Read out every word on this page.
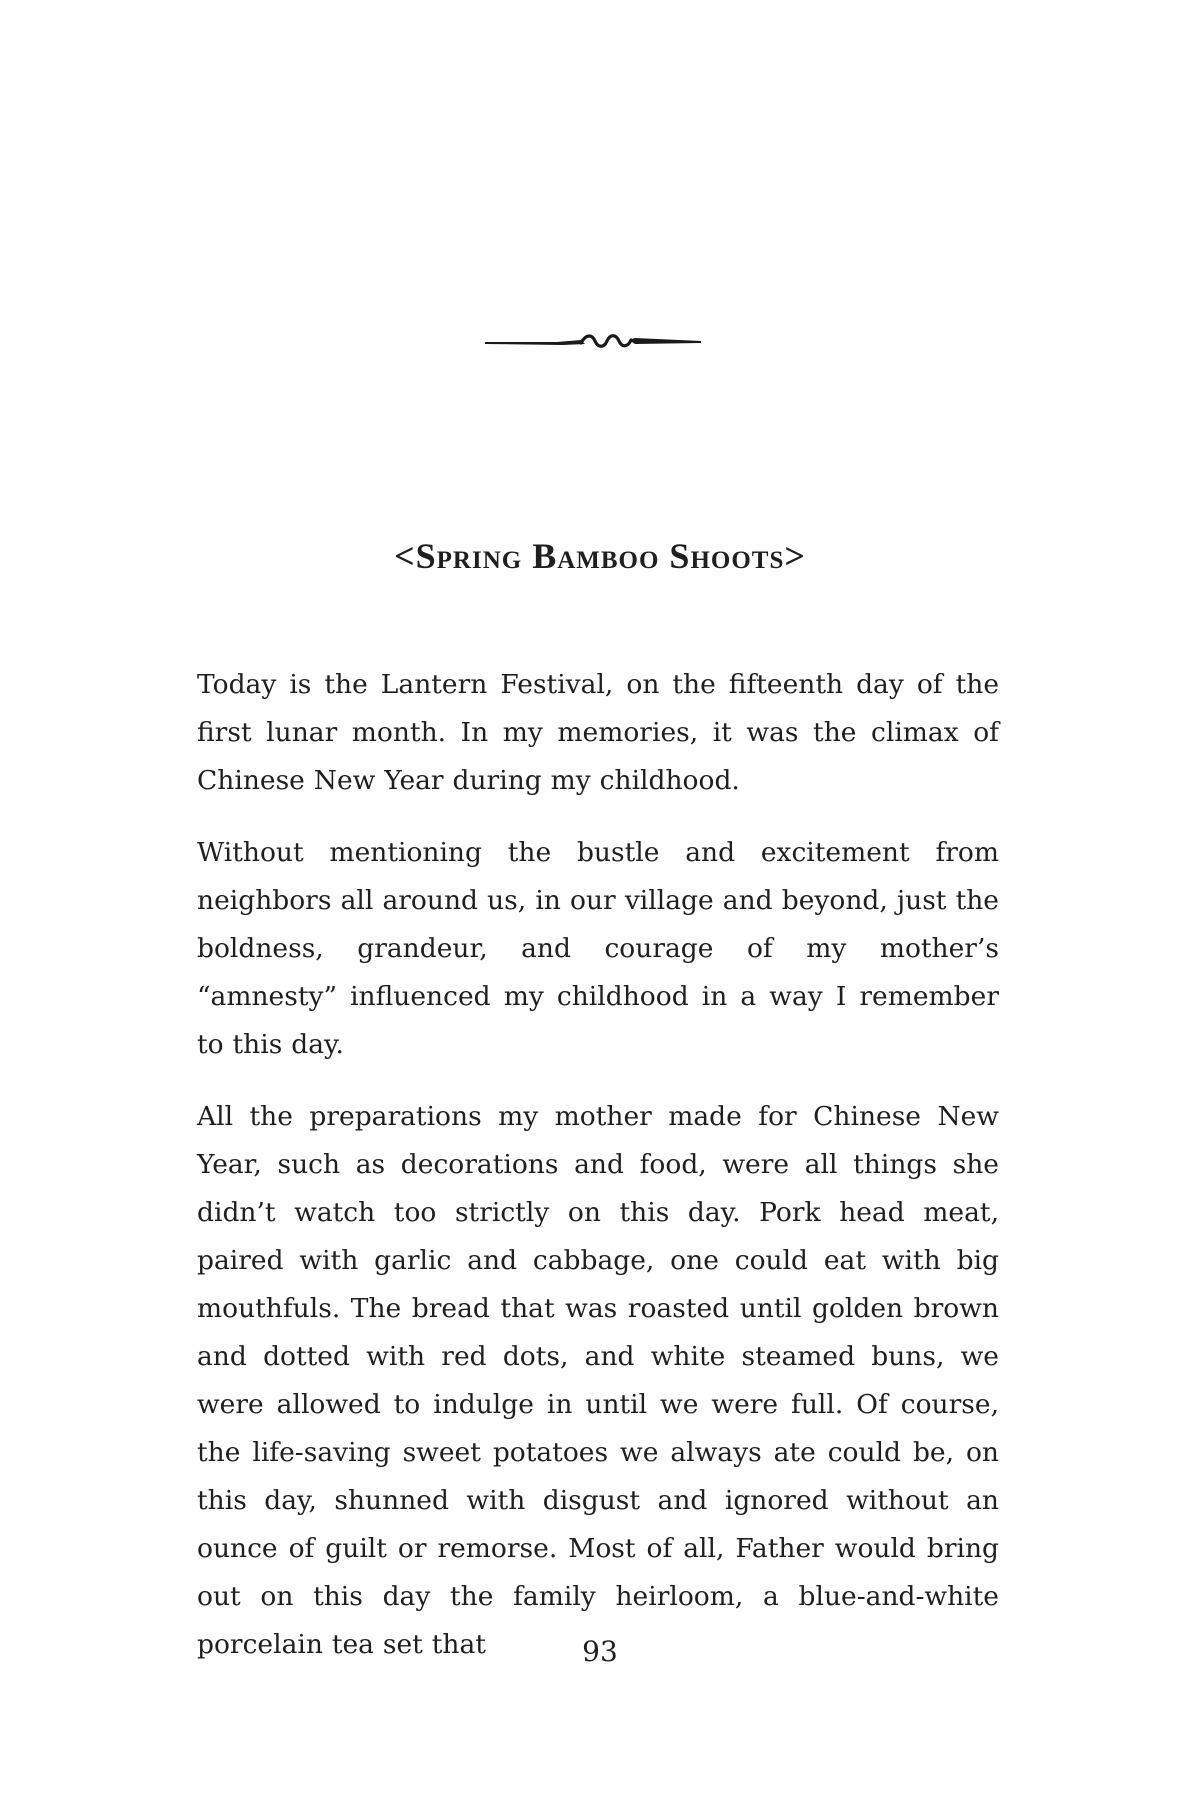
<Spring Bamboo Shoots>

Today is the Lantern Festival, on the fifteenth day of the first lunar month. In my memories, it was the climax of Chinese New Year during my childhood.

Without mentioning the bustle and excitement from neighbors all around us, in our village and beyond, just the boldness, grandeur, and courage of my mother’s “amnesty” influenced my childhood in a way I remember to this day.

All the preparations my mother made for Chinese New Year, such as decorations and food, were all things she didn’t watch too strictly on this day. Pork head meat, paired with garlic and cabbage, one could eat with big mouthfuls. The bread that was roasted until golden brown and dotted with red dots, and white steamed buns, we were allowed to indulge in until we were full. Of course, the life-saving sweet potatoes we always ate could be, on this day, shunned with disgust and ignored without an ounce of guilt or remorse. Most of all, Father would bring out on this day the family heirloom, a blue-and-white porcelain tea set that	93
